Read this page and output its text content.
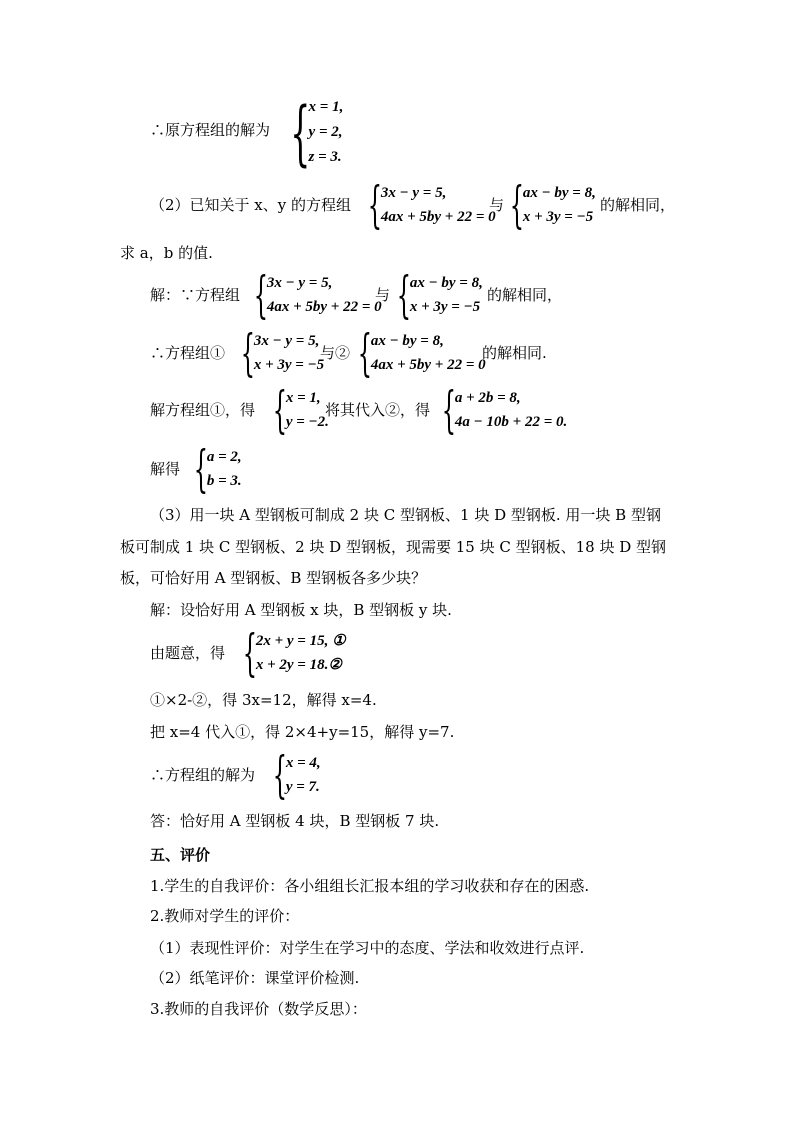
∴原方程组的解为 {
x = 1,
y = 2,
z = 3.
（2）已知关于 x、y 的方程组 {
3x − y = 5,
4ax + 5by + 22 = 0
与 {
ax − by = 8,
x + 3y = −5
的解相同，
求 a，b 的值.
解：∵方程组 {
3x − y = 5,
4ax + 5by + 22 = 0
与 {
ax − by = 8,
x + 3y = −5
的解相同，
∴方程组① {
3x − y = 5,
x + 3y = −5
与② {
ax − by = 8,
4ax + 5by + 22 = 0
的解相同.
解方程组①，得 {
x = 1,
y = −2.
将其代入②，得 {
a + 2b = 8,
4a − 10b + 22 = 0.
解得 {
a = 2,
b = 3.
（3）用一块 A 型钢板可制成 2 块 C 型钢板、1 块 D 型钢板. 用一块 B 型钢
板可制成 1 块 C 型钢板、2 块 D 型钢板，现需要 15 块 C 型钢板、18 块 D 型钢
板，可恰好用 A 型钢板、B 型钢板各多少块？
解：设恰好用 A 型钢板 x 块，B 型钢板 y 块.
由题意，得 {
2x + y = 15, ①
x + 2y = 18.②
①×2-②，得 3x=12，解得 x=4.
把 x=4 代入①，得 2×4+y=15，解得 y=7.
∴方程组的解为 {
x = 4,
y = 7.
答：恰好用 A 型钢板 4 块，B 型钢板 7 块.
五、评价
1.学生的自我评价：各小组组长汇报本组的学习收获和存在的困惑.
2.教师对学生的评价：
（1）表现性评价：对学生在学习中的态度、学法和收效进行点评.
（2）纸笔评价：课堂评价检测.
3.教师的自我评价（数学反思）：
